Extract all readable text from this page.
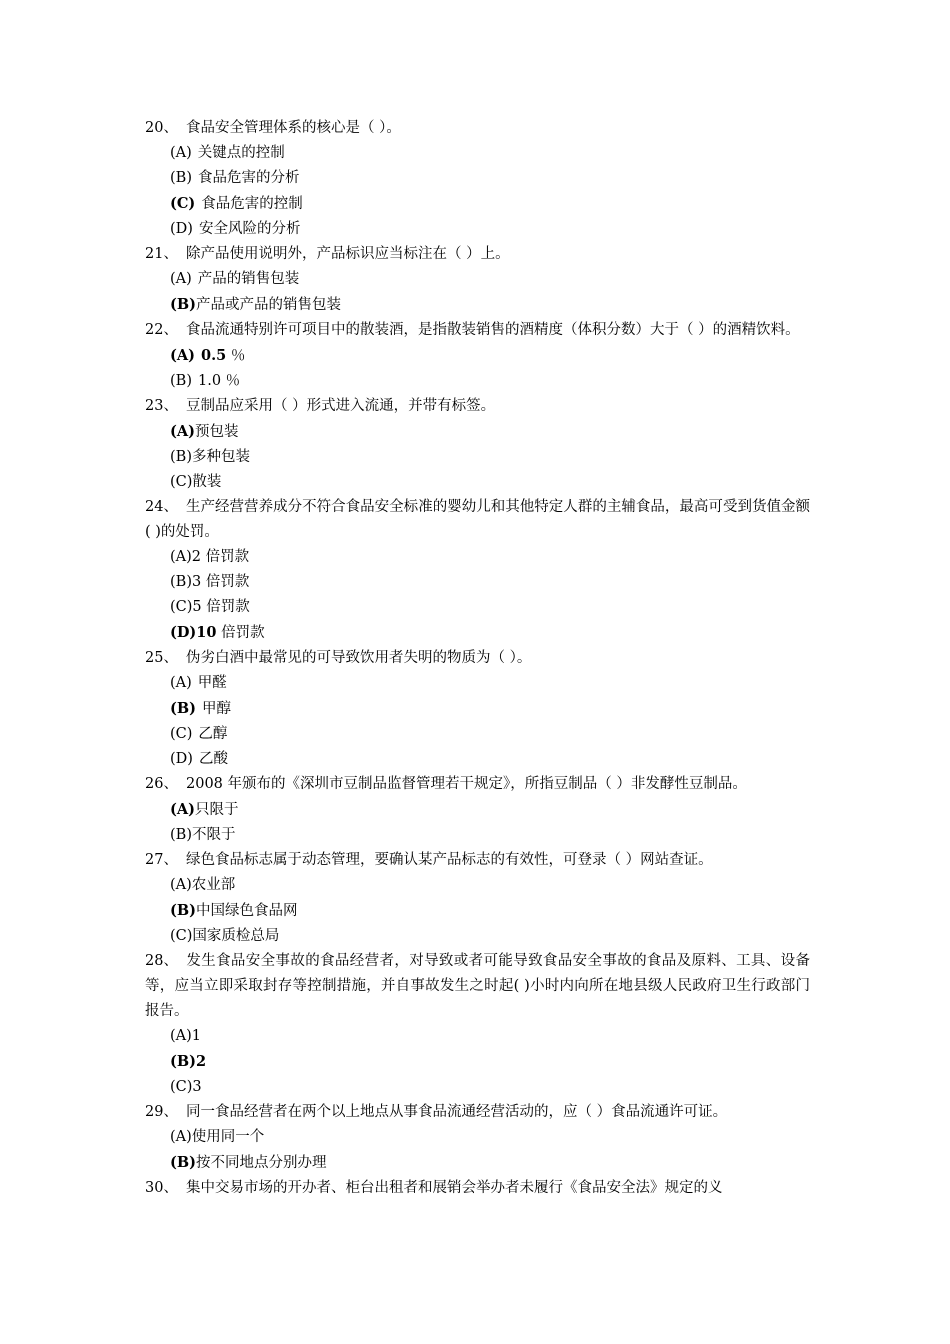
20、 食品安全管理体系的核心是（ ）。

(A) 关键点的控制

(B) 食品危害的分析

(C) 食品危害的控制

(D) 安全风险的分析

21、 除产品使用说明外，产品标识应当标注在（ ）上。

(A) 产品的销售包装

(B)产品或产品的销售包装

22、 食品流通特别许可项目中的散装酒，是指散装销售的酒精度（体积分数）大于（ ）的酒精饮料。

(A) 0.5 ％

(B) 1.0 ％

23、 豆制品应采用（ ）形式进入流通，并带有标签。

(A)预包装

(B)多种包装

(C)散装

24、 生产经营营养成分不符合食品安全标准的婴幼儿和其他特定人群的主辅食品，最高可受到货值金额( )的处罚。

(A)2 倍罚款

(B)3 倍罚款

(C)5 倍罚款

(D)10 倍罚款

25、 伪劣白酒中最常见的可导致饮用者失明的物质为（ ）。

(A) 甲醛

(B) 甲醇

(C) 乙醇

(D) 乙酸

26、 2008 年颁布的《深圳市豆制品监督管理若干规定》，所指豆制品（ ）非发酵性豆制品。

(A)只限于

(B)不限于

27、 绿色食品标志属于动态管理，要确认某产品标志的有效性，可登录（ ）网站查证。

(A)农业部

(B)中国绿色食品网

(C)国家质检总局

28、 发生食品安全事故的食品经营者，对导致或者可能导致食品安全事故的食品及原料、工具、设备等，应当立即采取封存等控制措施，并自事故发生之时起( )小时内向所在地县级人民政府卫生行政部门报告。

(A)1

(B)2

(C)3

29、 同一食品经营者在两个以上地点从事食品流通经营活动的，应（ ）食品流通许可证。

(A)使用同一个

(B)按不同地点分别办理

30、 集中交易市场的开办者、柜台出租者和展销会举办者未履行《食品安全法》规定的义
